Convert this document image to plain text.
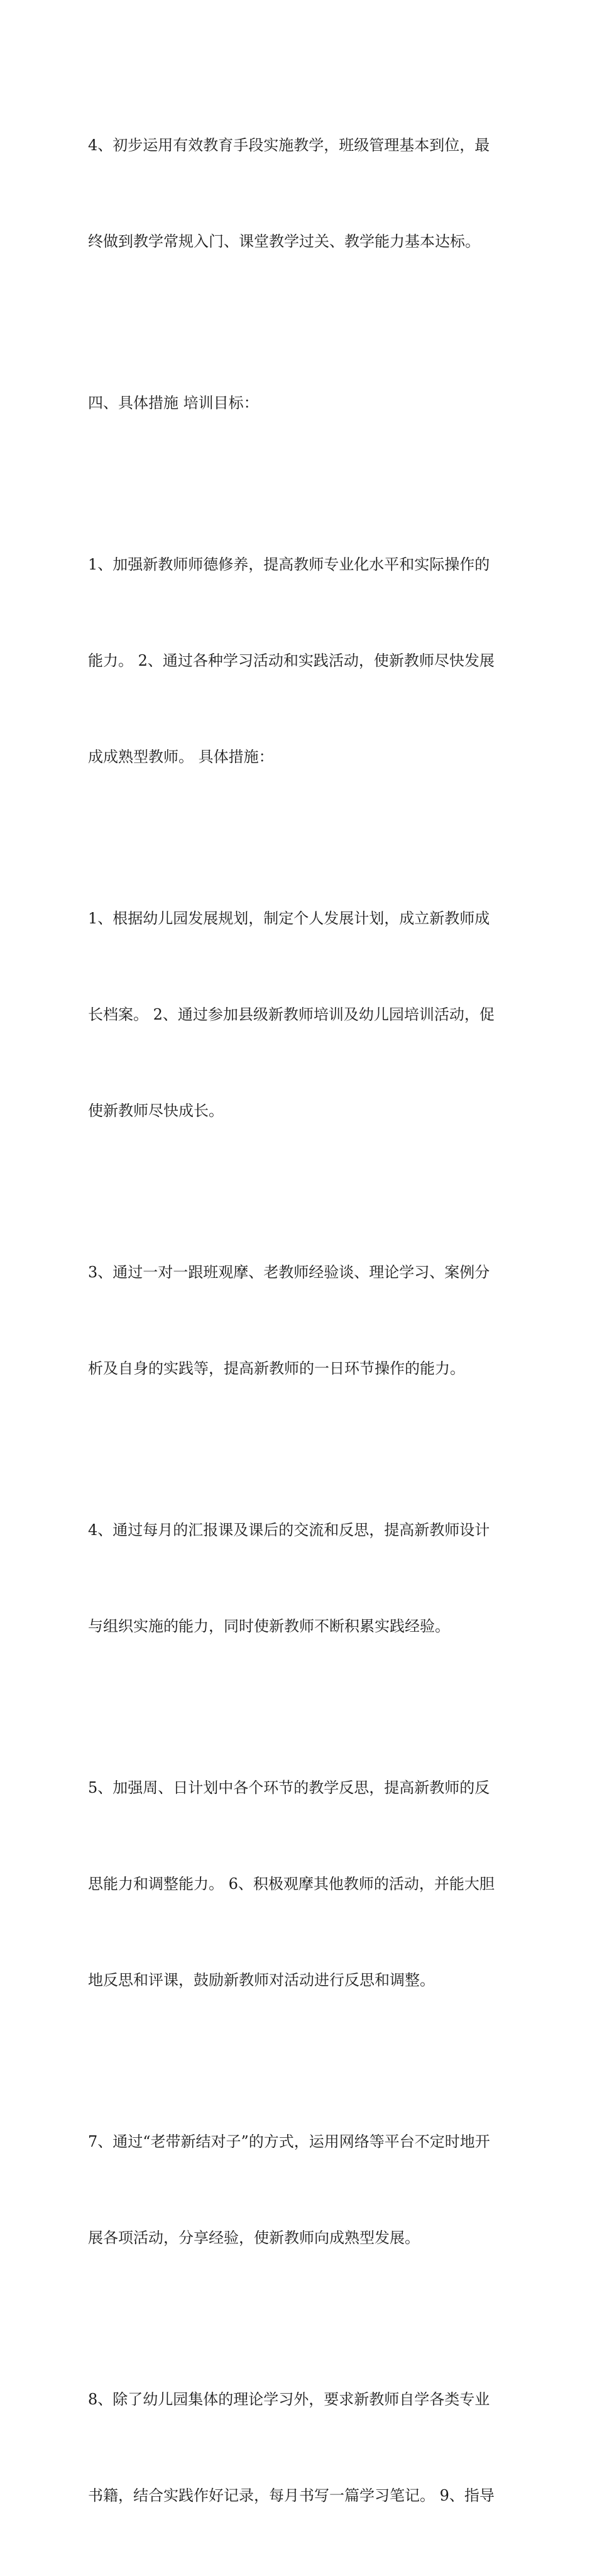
4、初步运用有效教育手段实施教学，班级管理基本到位，最

终做到教学常规入门、课堂教学过关、教学能力基本达标。

四、具体措施 培训目标：

1、加强新教师师德修养，提高教师专业化水平和实际操作的

能力。 2、通过各种学习活动和实践活动，使新教师尽快发展

成成熟型教师。 具体措施：

1、根据幼儿园发展规划，制定个人发展计划，成立新教师成

长档案。 2、通过参加县级新教师培训及幼儿园培训活动，促

使新教师尽快成长。

3、通过一对一跟班观摩、老教师经验谈、理论学习、案例分

析及自身的实践等，提高新教师的一日环节操作的能力。

4、通过每月的汇报课及课后的交流和反思，提高新教师设计

与组织实施的能力，同时使新教师不断积累实践经验。

5、加强周、日计划中各个环节的教学反思，提高新教师的反

思能力和调整能力。 6、积极观摩其他教师的活动，并能大胆

地反思和评课，鼓励新教师对活动进行反思和调整。

7、通过“老带新结对子”的方式，运用网络等平台不定时地开

展各项活动，分享经验，使新教师向成熟型发展。

8、除了幼儿园集体的理论学习外，要求新教师自学各类专业

书籍，结合实践作好记录，每月书写一篇学习笔记。 9、指导
